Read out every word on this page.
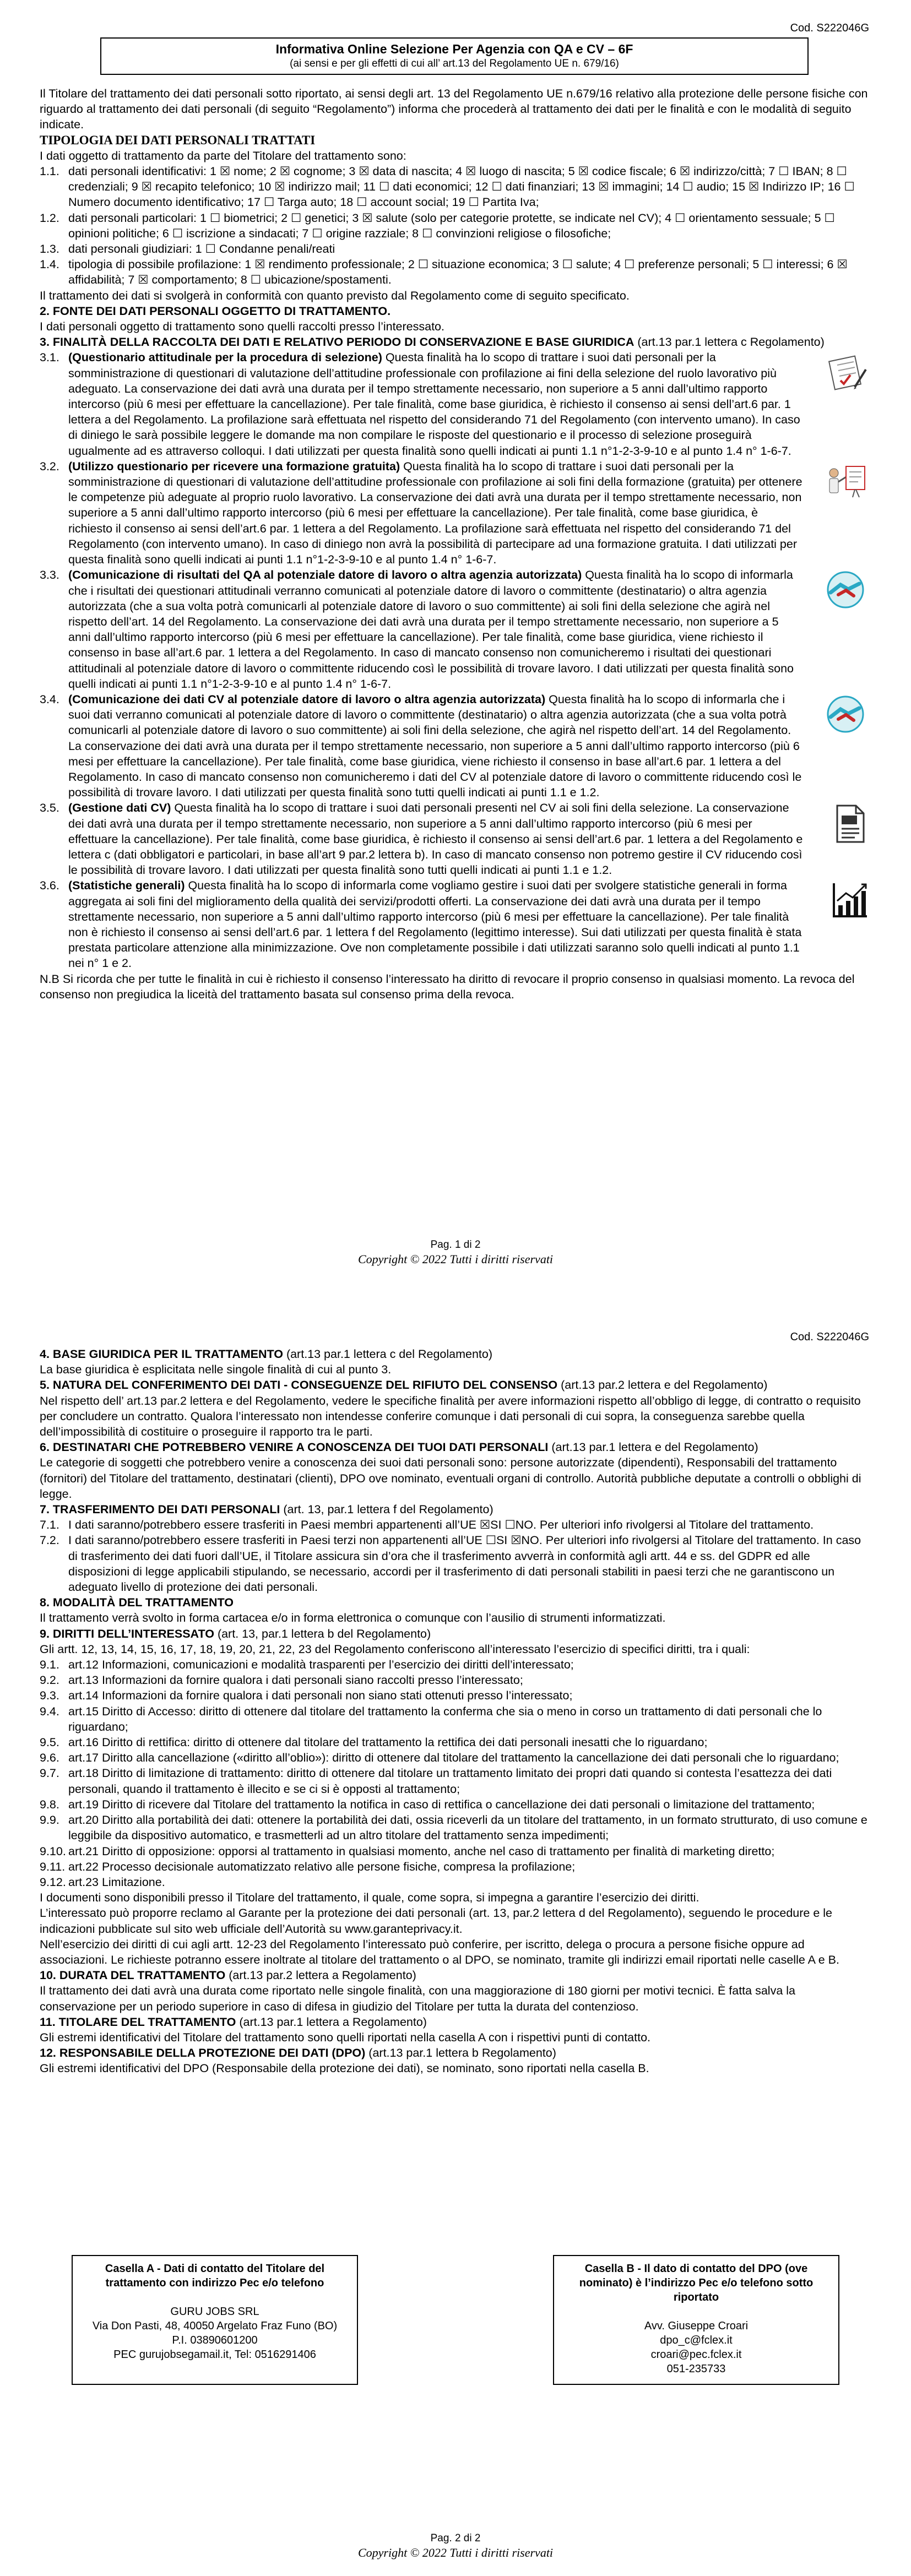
Cod. S222046G
Informativa Online Selezione Per Agenzia con QA e CV – 6F
(ai sensi e per gli effetti di cui all’ art.13 del Regolamento UE n. 679/16)

Il Titolare del trattamento dei dati personali sotto riportato, ai sensi degli art. 13 del Regolamento UE n.679/16 relativo alla protezione delle persone fisiche con riguardo al trattamento dei dati personali (di seguito “Regolamento”) informa che procederà al trattamento dei dati per le finalità e con le modalità di seguito indicate.

TIPOLOGIA DEI DATI PERSONALI TRATTATI

I dati oggetto di trattamento da parte del Titolare del trattamento sono:

1.1. dati personali identificativi: 1 ☒ nome; 2 ☒ cognome; 3 ☒ data di nascita; 4 ☒ luogo di nascita; 5 ☒ codice fiscale; 6 ☒ indirizzo/città; 7 ☐ IBAN; 8 ☐ credenziali; 9 ☒ recapito telefonico; 10 ☒ indirizzo mail; 11 ☐ dati economici; 12 ☐ dati finanziari; 13 ☒ immagini; 14 ☐ audio; 15 ☒ Indirizzo IP; 16 ☐ Numero documento identificativo; 17 ☐ Targa auto; 18 ☐ account social; 19 ☐ Partita Iva;
1.2. dati personali particolari: 1 ☐ biometrici; 2 ☐ genetici; 3 ☒ salute (solo per categorie protette, se indicate nel CV); 4 ☐ orientamento sessuale; 5 ☐ opinioni politiche; 6 ☐ iscrizione a sindacati; 7 ☐ origine razziale; 8 ☐ convinzioni religiose o filosofiche;
1.3. dati personali giudiziari: 1 ☐ Condanne penali/reati
1.4. tipologia di possibile profilazione: 1 ☒ rendimento professionale; 2 ☐ situazione economica; 3 ☐ salute; 4 ☐ preferenze personali; 5 ☐ interessi; 6 ☒ affidabilità; 7 ☒ comportamento; 8 ☐ ubicazione/spostamenti.

Il trattamento dei dati si svolgerà in conformità con quanto previsto dal Regolamento come di seguito specificato.

2. FONTE DEI DATI PERSONALI OGGETTO DI TRATTAMENTO.

I dati personali oggetto di trattamento sono quelli raccolti presso l’interessato.

3. FINALITÀ DELLA RACCOLTA DEI DATI E RELATIVO PERIODO DI CONSERVAZIONE E BASE GIURIDICA (art.13 par.1 lettera c Regolamento)

3.1. (Questionario attitudinale per la procedura di selezione) Questa finalità ha lo scopo di trattare i suoi dati personali per la somministrazione di questionari di valutazione dell’attitudine professionale con profilazione ai fini della selezione del ruolo lavorativo più adeguato. La conservazione dei dati avrà una durata per il tempo strettamente necessario, non superiore a 5 anni dall’ultimo rapporto intercorso (più 6 mesi per effettuare la cancellazione). Per tale finalità, come base giuridica, è richiesto il consenso ai sensi dell’art.6 par. 1 lettera a del Regolamento. La profilazione sarà effettuata nel rispetto del considerando 71 del Regolamento (con intervento umano). In caso di diniego le sarà possibile leggere le domande ma non compilare le risposte del questionario e il processo di selezione proseguirà ugualmente ad es attraverso colloqui. I dati utilizzati per questa finalità sono quelli indicati ai punti 1.1 n°1-2-3-9-10 e al punto 1.4 n° 1-6-7.
3.2. (Utilizzo questionario per ricevere una formazione gratuita) Questa finalità ha lo scopo di trattare i suoi dati personali per la somministrazione di questionari di valutazione dell’attitudine professionale con profilazione ai soli fini della formazione (gratuita) per ottenere le competenze più adeguate al proprio ruolo lavorativo. La conservazione dei dati avrà una durata per il tempo strettamente necessario, non superiore a 5 anni dall’ultimo rapporto intercorso (più 6 mesi per effettuare la cancellazione). Per tale finalità, come base giuridica, è richiesto il consenso ai sensi dell’art.6 par. 1 lettera a del Regolamento. La profilazione sarà effettuata nel rispetto del considerando 71 del Regolamento (con intervento umano). In caso di diniego non avrà la possibilità di partecipare ad una formazione gratuita. I dati utilizzati per questa finalità sono quelli indicati ai punti 1.1 n°1-2-3-9-10 e al punto 1.4 n° 1-6-7.
3.3. (Comunicazione di risultati del QA al potenziale datore di lavoro o altra agenzia autorizzata) Questa finalità ha lo scopo di informarla che i risultati dei questionari attitudinali verranno comunicati al potenziale datore di lavoro o committente (destinatario) o altra agenzia autorizzata (che a sua volta potrà comunicarli al potenziale datore di lavoro o suo committente) ai soli fini della selezione che agirà nel rispetto dell’art. 14 del Regolamento. La conservazione dei dati avrà una durata per il tempo strettamente necessario, non superiore a 5 anni dall’ultimo rapporto intercorso (più 6 mesi per effettuare la cancellazione). Per tale finalità, come base giuridica, viene richiesto il consenso in base all’art.6 par. 1 lettera a del Regolamento. In caso di mancato consenso non comunicheremo i risultati dei questionari attitudinali al potenziale datore di lavoro o committente riducendo così le possibilità di trovare lavoro. I dati utilizzati per questa finalità sono quelli indicati ai punti 1.1 n°1-2-3-9-10 e al punto 1.4 n° 1-6-7.
3.4. (Comunicazione dei dati CV al potenziale datore di lavoro o altra agenzia autorizzata) Questa finalità ha lo scopo di informarla che i suoi dati verranno comunicati al potenziale datore di lavoro o committente (destinatario) o altra agenzia autorizzata (che a sua volta potrà comunicarli al potenziale datore di lavoro o suo committente) ai soli fini della selezione, che agirà nel rispetto dell’art. 14 del Regolamento. La conservazione dei dati avrà una durata per il tempo strettamente necessario, non superiore a 5 anni dall’ultimo rapporto intercorso (più 6 mesi per effettuare la cancellazione). Per tale finalità, come base giuridica, viene richiesto il consenso in base all’art.6 par. 1 lettera a del Regolamento. In caso di mancato consenso non comunicheremo i dati del CV al potenziale datore di lavoro o committente riducendo così le possibilità di trovare lavoro. I dati utilizzati per questa finalità sono tutti quelli indicati ai punti 1.1 e 1.2.
3.5. (Gestione dati CV) Questa finalità ha lo scopo di trattare i suoi dati personali presenti nel CV ai soli fini della selezione. La conservazione dei dati avrà una durata per il tempo strettamente necessario, non superiore a 5 anni dall’ultimo rapporto intercorso (più 6 mesi per effettuare la cancellazione). Per tale finalità, come base giuridica, è richiesto il consenso ai sensi dell’art.6 par. 1 lettera a del Regolamento e lettera c (dati obbligatori e particolari, in base all’art 9 par.2 lettera b). In caso di mancato consenso non potremo gestire il CV riducendo così le possibilità di trovare lavoro. I dati utilizzati per questa finalità sono tutti quelli indicati ai punti 1.1 e 1.2.
3.6. (Statistiche generali) Questa finalità ha lo scopo di informarla come vogliamo gestire i suoi dati per svolgere statistiche generali in forma aggregata ai soli fini del miglioramento della qualità dei servizi/prodotti offerti. La conservazione dei dati avrà una durata per il tempo strettamente necessario, non superiore a 5 anni dall’ultimo rapporto intercorso (più 6 mesi per effettuare la cancellazione). Per tale finalità non è richiesto il consenso ai sensi dell’art.6 par. 1 lettera f del Regolamento (legittimo interesse). Sui dati utilizzati per questa finalità è stata prestata particolare attenzione alla minimizzazione. Ove non completamente possibile i dati utilizzati saranno solo quelli indicati al punto 1.1 nei n° 1 e 2.

N.B Si ricorda che per tutte le finalità in cui è richiesto il consenso l’interessato ha diritto di revocare il proprio consenso in qualsiasi momento. La revoca del consenso non pregiudica la liceità del trattamento basata sul consenso prima della revoca.

Pag. 1 di 2
Copyright © 2022 Tutti i diritti riservati
Cod. S222046G

4. BASE GIURIDICA PER IL TRATTAMENTO (art.13 par.1 lettera c del Regolamento)

La base giuridica è esplicitata nelle singole finalità di cui al punto 3.

5. NATURA DEL CONFERIMENTO DEI DATI - CONSEGUENZE DEL RIFIUTO DEL CONSENSO (art.13 par.2 lettera e del Regolamento)

Nel rispetto dell’ art.13 par.2 lettera e del Regolamento, vedere le specifiche finalità per avere informazioni rispetto all’obbligo di legge, di contratto o requisito per concludere un contratto. Qualora l’interessato non intendesse conferire comunque i dati personali di cui sopra, la conseguenza sarebbe quella dell’impossibilità di costituire o proseguire il rapporto tra le parti.

6. DESTINATARI CHE POTREBBERO VENIRE A CONOSCENZA DEI TUOI DATI PERSONALI (art.13 par.1 lettera e del Regolamento)

Le categorie di soggetti che potrebbero venire a conoscenza dei suoi dati personali sono: persone autorizzate (dipendenti), Responsabili del trattamento (fornitori) del Titolare del trattamento, destinatari (clienti), DPO ove nominato, eventuali organi di controllo. Autorità pubbliche deputate a controlli o obblighi di legge.

7. TRASFERIMENTO DEI DATI PERSONALI (art. 13, par.1 lettera f del Regolamento)

7.1. I dati saranno/potrebbero essere trasferiti in Paesi membri appartenenti all’UE ☒SI ☐NO. Per ulteriori info rivolgersi al Titolare del trattamento.
7.2. I dati saranno/potrebbero essere trasferiti in Paesi terzi non appartenenti all’UE ☐SI ☒NO. Per ulteriori info rivolgersi al Titolare del trattamento. In caso di trasferimento dei dati fuori dall’UE, il Titolare assicura sin d’ora che il trasferimento avverrà in conformità agli artt. 44 e ss. del GDPR ed alle disposizioni di legge applicabili stipulando, se necessario, accordi per il trasferimento di dati personali stabiliti in paesi terzi che ne garantiscono un adeguato livello di protezione dei dati personali.

8. MODALITÀ DEL TRATTAMENTO

Il trattamento verrà svolto in forma cartacea e/o in forma elettronica o comunque con l’ausilio di strumenti informatizzati.

9. DIRITTI DELL’INTERESSATO (art. 13, par.1 lettera b del Regolamento)

Gli artt. 12, 13, 14, 15, 16, 17, 18, 19, 20, 21, 22, 23 del Regolamento conferiscono all’interessato l’esercizio di specifici diritti, tra i quali:

9.1. art.12 Informazioni, comunicazioni e modalità trasparenti per l’esercizio dei diritti dell’interessato;
9.2. art.13 Informazioni da fornire qualora i dati personali siano raccolti presso l’interessato;
9.3. art.14 Informazioni da fornire qualora i dati personali non siano stati ottenuti presso l’interessato;
9.4. art.15 Diritto di Accesso: diritto di ottenere dal titolare del trattamento la conferma che sia o meno in corso un trattamento di dati personali che lo riguardano;
9.5. art.16 Diritto di rettifica: diritto di ottenere dal titolare del trattamento la rettifica dei dati personali inesatti che lo riguardano;
9.6. art.17 Diritto alla cancellazione («diritto all’oblio»): diritto di ottenere dal titolare del trattamento la cancellazione dei dati personali che lo riguardano;
9.7. art.18 Diritto di limitazione di trattamento: diritto di ottenere dal titolare un trattamento limitato dei propri dati quando si contesta l’esattezza dei dati personali, quando il trattamento è illecito e se ci si è opposti al trattamento;
9.8. art.19 Diritto di ricevere dal Titolare del trattamento la notifica in caso di rettifica o cancellazione dei dati personali o limitazione del trattamento;
9.9. art.20 Diritto alla portabilità dei dati: ottenere la portabilità dei dati, ossia riceverli da un titolare del trattamento, in un formato strutturato, di uso comune e leggibile da dispositivo automatico, e trasmetterli ad un altro titolare del trattamento senza impedimenti;
9.10. art.21 Diritto di opposizione: opporsi al trattamento in qualsiasi momento, anche nel caso di trattamento per finalità di marketing diretto;
9.11. art.22 Processo decisionale automatizzato relativo alle persone fisiche, compresa la profilazione;
9.12. art.23 Limitazione.

I documenti sono disponibili presso il Titolare del trattamento, il quale, come sopra, si impegna a garantire l’esercizio dei diritti.

L’interessato può proporre reclamo al Garante per la protezione dei dati personali (art. 13, par.2 lettera d del Regolamento), seguendo le procedure e le indicazioni pubblicate sul sito web ufficiale dell’Autorità su www.garanteprivacy.it.

Nell’esercizio dei diritti di cui agli artt. 12-23 del Regolamento l’interessato può conferire, per iscritto, delega o procura a persone fisiche oppure ad associazioni. Le richieste potranno essere inoltrate al titolare del trattamento o al DPO, se nominato, tramite gli indirizzi email riportati nelle caselle A e B.

10. DURATA DEL TRATTAMENTO (art.13 par.2 lettera a Regolamento)

Il trattamento dei dati avrà una durata come riportato nelle singole finalità, con una maggiorazione di 180 giorni per motivi tecnici. È fatta salva la conservazione per un periodo superiore in caso di difesa in giudizio del Titolare per tutta la durata del contenzioso.

11. TITOLARE DEL TRATTAMENTO (art.13 par.1 lettera a Regolamento)

Gli estremi identificativi del Titolare del trattamento sono quelli riportati nella casella A con i rispettivi punti di contatto.

12. RESPONSABILE DELLA PROTEZIONE DEI DATI (DPO) (art.13 par.1 lettera b Regolamento)

Gli estremi identificativi del DPO (Responsabile della protezione dei dati), se nominato, sono riportati nella casella B.

Casella A - Dati di contatto del Titolare del trattamento con indirizzo Pec e/o telefono
GURU JOBS SRL
Via Don Pasti, 48, 40050 Argelato Fraz Funo (BO)
P.I. 03890601200
PEC gurujobsegamail.it, Tel: 0516291406
Casella B - Il dato di contatto del DPO (ove nominato) è l’indirizzo Pec e/o telefono sotto riportato
Avv. Giuseppe Croari
dpo_c@fclex.it
croari@pec.fclex.it
051-235733
Pag. 2 di 2
Copyright © 2022 Tutti i diritti riservati
